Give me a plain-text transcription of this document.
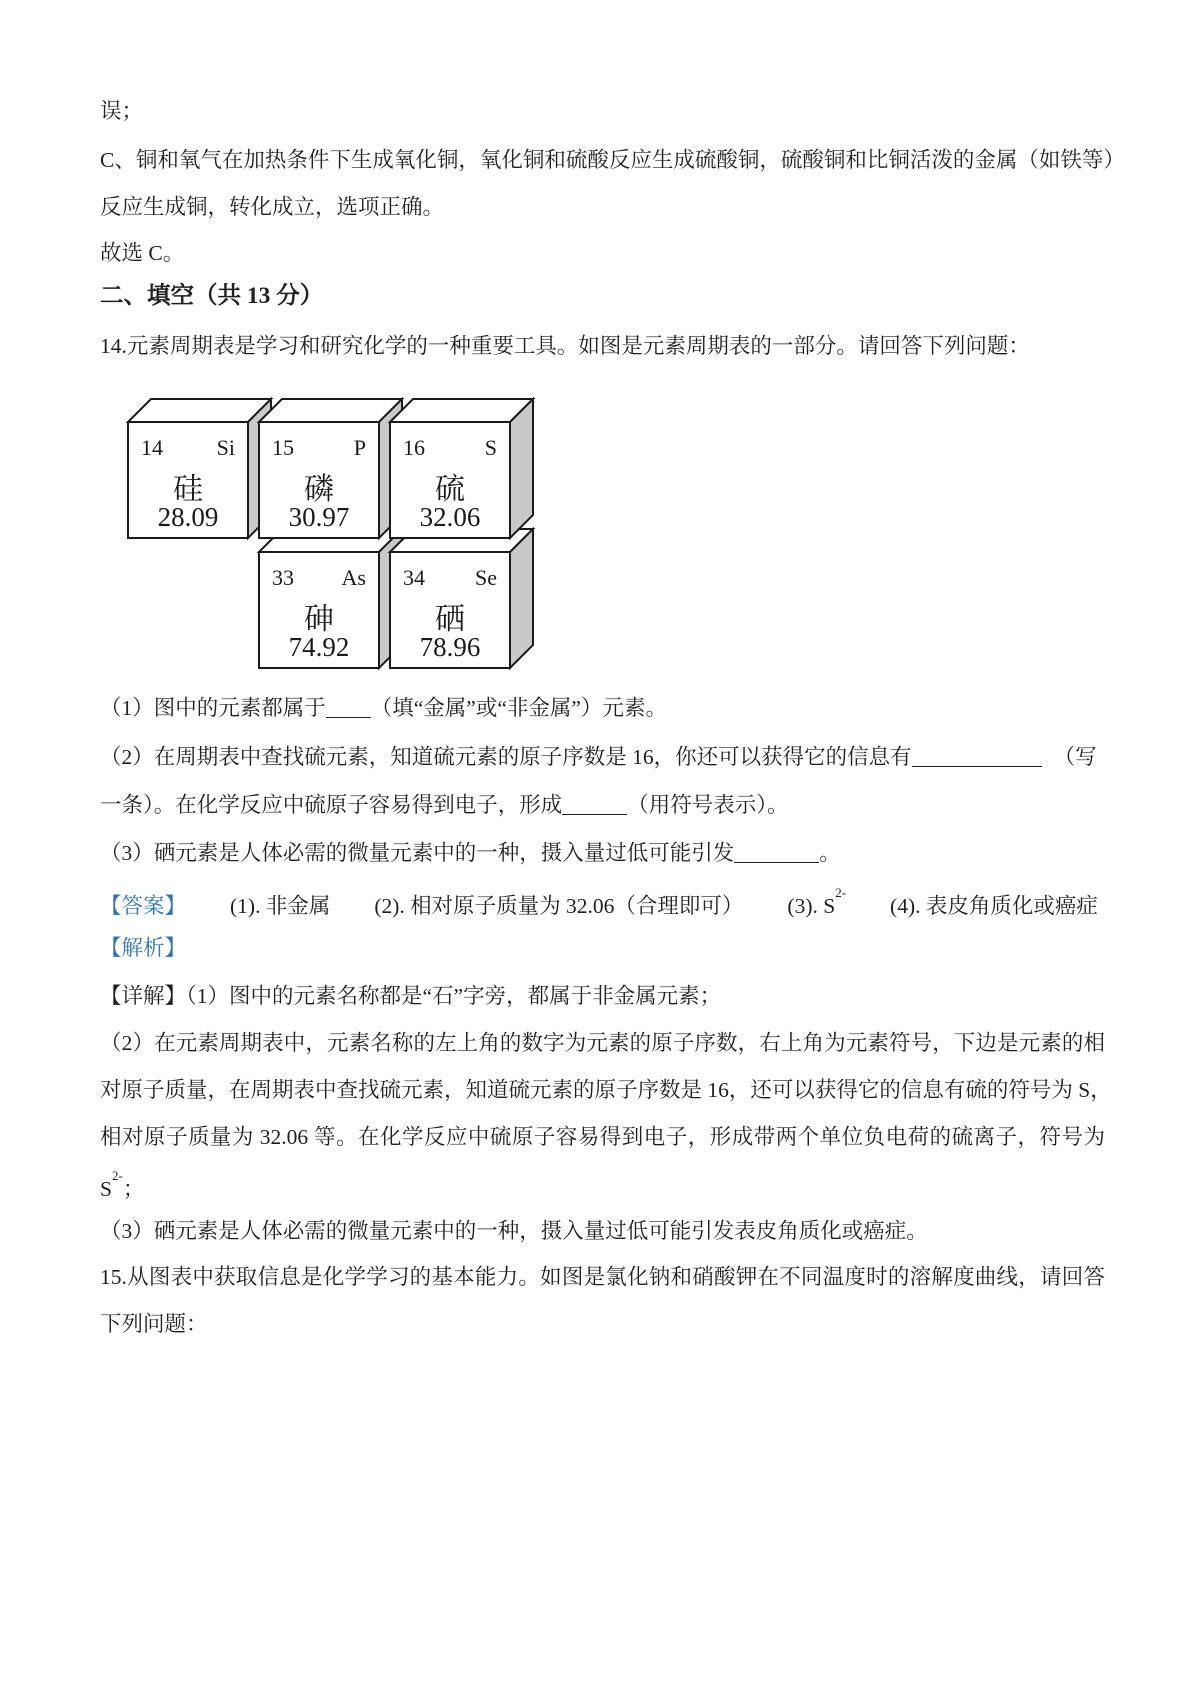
误；
C、铜和氧气在加热条件下生成氧化铜，氧化铜和硫酸反应生成硫酸铜，硫酸铜和比铜活泼的金属（如铁等）
反应生成铜，转化成立，选项正确。
故选 C。
二、填空（共 13 分）
14.元素周期表是学习和研究化学的一种重要工具。如图是元素周期表的一部分。请回答下列问题：
33 As
砷
74.92
34 Se
硒
78.96
14 Si
硅
28.09
15	P
磷
30.97
16	S
硫
32.06
（1）图中的元素都属于 （填“金属”或“非金属”）元素。
（2）在周期表中查找硫元素，知道硫元素的原子序数是 16，你还可以获得它的信息有	（写
一条）。在化学反应中硫原子容易得到电子，形成	（用符号表示）。
（3）硒元素是人体必需的微量元素中的一种，摄入量过低可能引发	。
【答案】 (1). 非金属 (2). 相对原子质量为 32.06（合理即可） (3). $S^{2-}$
(4). 表皮角质化或癌症
【解析】
【详解】（1）图中的元素名称都是“石”字旁，都属于非金属元素；
（2）在元素周期表中，元素名称的左上角的数字为元素的原子序数，右上角为元素符号，下边是元素的相
对原子质量，在周期表中查找硫元素，知道硫元素的原子序数是 16，还可以获得它的信息有硫的符号为 S，
相对原子质量为 32.06 等。在化学反应中硫原子容易得到电子，形成带两个单位负电荷的硫离子，符号为
$S^{2-}$；
（3）硒元素是人体必需的微量元素中的一种，摄入量过低可能引发表皮角质化或癌症。
15.从图表中获取信息是化学学习的基本能力。如图是氯化钠和硝酸钾在不同温度时的溶解度曲线，请回答
下列问题：
